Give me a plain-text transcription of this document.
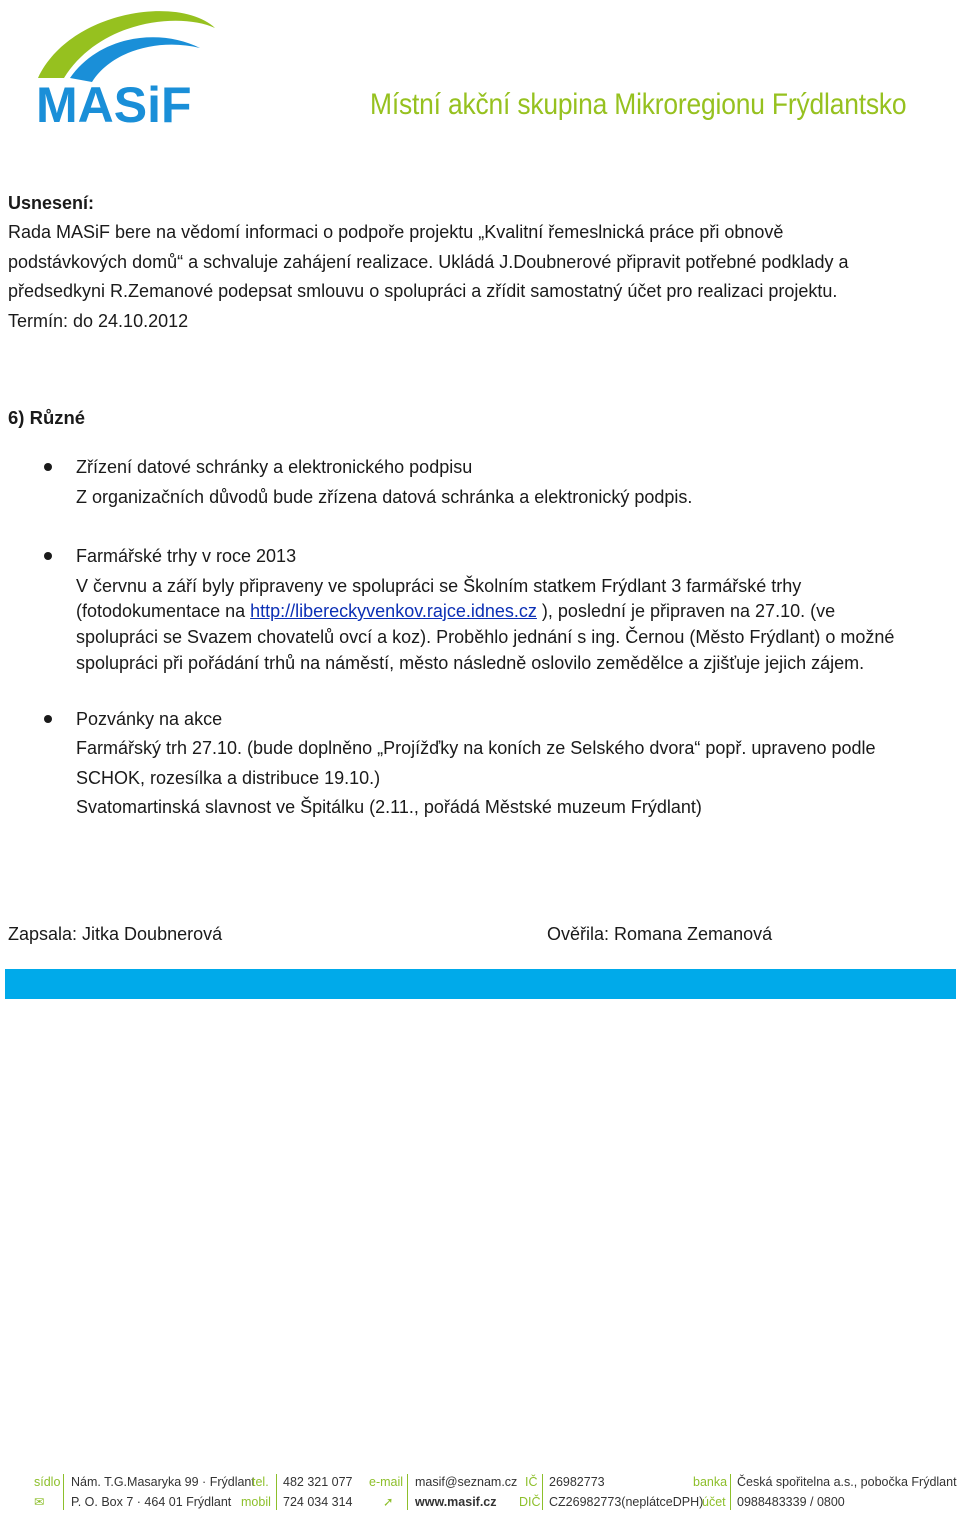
MASiF	Místní akční skupina Mikroregionu Frýdlantsko
Usnesení:
Rada MASiF bere na vědomí informaci o podpoře projektu „Kvalitní řemeslnická práce při obnově
podstávkových domů“ a schvaluje zahájení realizace. Ukládá J.Doubnerové připravit potřebné podklady a
předsedkyni R.Zemanové podepsat smlouvu o spolupráci a zřídit samostatný účet pro realizaci projektu.
Termín: do 24.10.2012
6) Různé
Zřízení datové schránky a elektronického podpisu
Z organizačních důvodů bude zřízena datová schránka a elektronický podpis.
Farmářské trhy v roce 2013
V červnu a září byly připraveny ve spolupráci se Školním statkem Frýdlant 3 farmářské trhy
(fotodokumentace na http://libereckyvenkov.rajce.idnes.cz ), poslední je připraven na 27.10. (ve
spolupráci se Svazem chovatelů ovcí a koz). Proběhlo jednání s ing. Černou (Město Frýdlant) o možné
spolupráci při pořádání trhů na náměstí, město následně oslovilo zemědělce a zjišťuje jejich zájem.
Pozvánky na akce
Farmářský trh 27.10. (bude doplněno „Projížďky na koních ze Selského dvora“ popř. upraveno podle
SCHOK, rozesílka a distribuce 19.10.)
Svatomartinská slavnost ve Špitálku (2.11., pořádá Městské muzeum Frýdlant)
Zapsala: Jitka Doubnerová	Ověřila: Romana Zemanová
sídlo
✉
Nám. T.G.Masaryka 99 · Frýdlant
P. O. Box 7 · 464 01 Frýdlant
tel.
mobil
482 321 077
724 034 314
e-mail
➚
masif@seznam.cz
www.masif.cz
IČ
DIČ
26982773
CZ26982773(neplátceDPH)
banka
účet
Česká spořitelna a.s., pobočka Frýdlant
0988483339 / 0800
